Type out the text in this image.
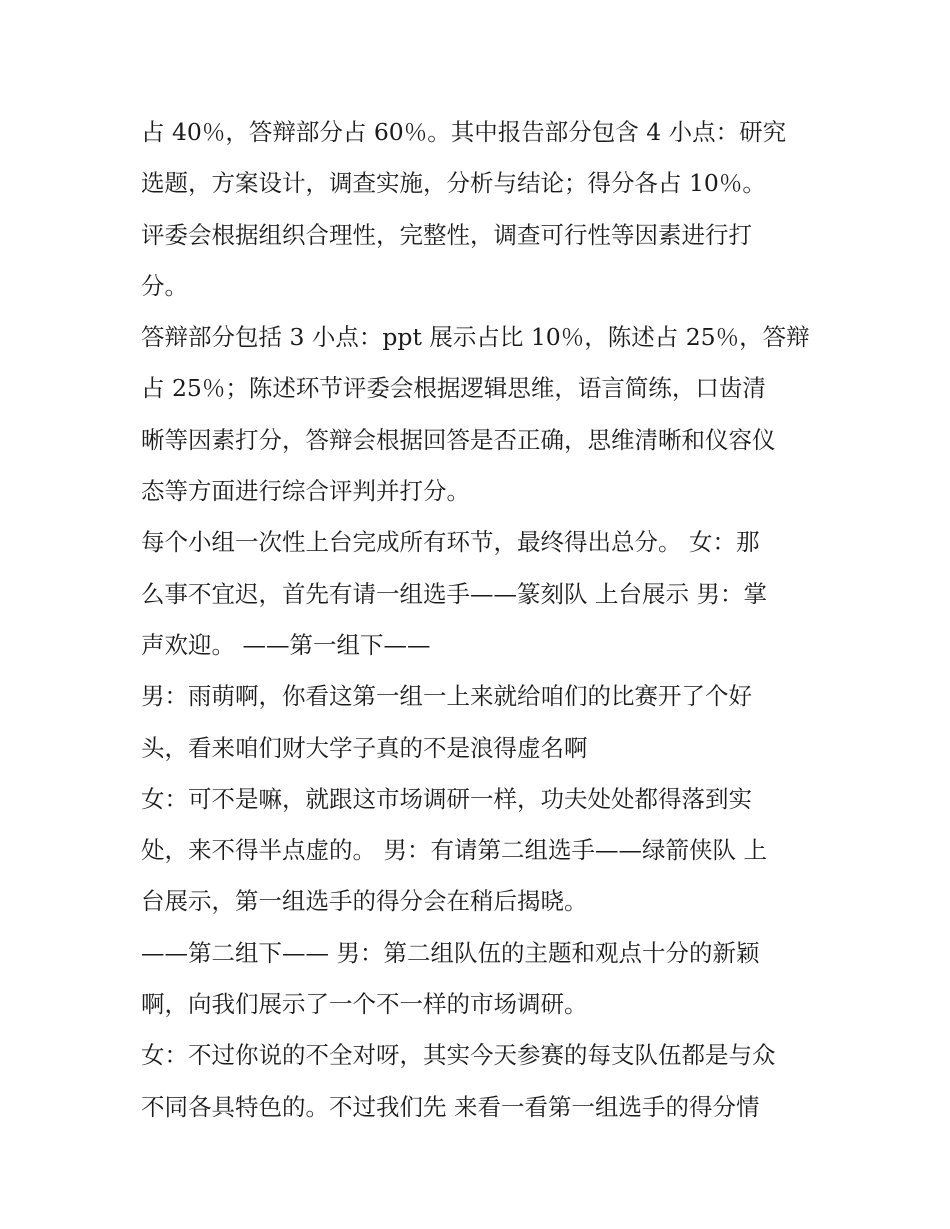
占 40％，答辩部分占 60％。其中报告部分包含 4 小点：研究

选题，方案设计，调查实施，分析与结论；得分各占 10％。

评委会根据组织合理性，完整性，调查可行性等因素进行打

分。

答辩部分包括 3 小点：ppt 展示占比 10％，陈述占 25％，答辩

占 25％；陈述环节评委会根据逻辑思维，语言简练，口齿清

晰等因素打分，答辩会根据回答是否正确，思维清晰和仪容仪

态等方面进行综合评判并打分。

每个小组一次性上台完成所有环节，最终得出总分。 女：那

么事不宜迟，首先有请一组选手——篆刻队 上台展示 男：掌

声欢迎。 ——第一组下——

男：雨萌啊，你看这第一组一上来就给咱们的比赛开了个好

头，看来咱们财大学子真的不是浪得虚名啊

女：可不是嘛，就跟这市场调研一样，功夫处处都得落到实

处，来不得半点虚的。 男：有请第二组选手——绿箭侠队 上

台展示，第一组选手的得分会在稍后揭晓。

——第二组下—— 男：第二组队伍的主题和观点十分的新颖

啊，向我们展示了一个不一样的市场调研。

女：不过你说的不全对呀，其实今天参赛的每支队伍都是与众

不同各具特色的。不过我们先 来看一看第一组选手的得分情
